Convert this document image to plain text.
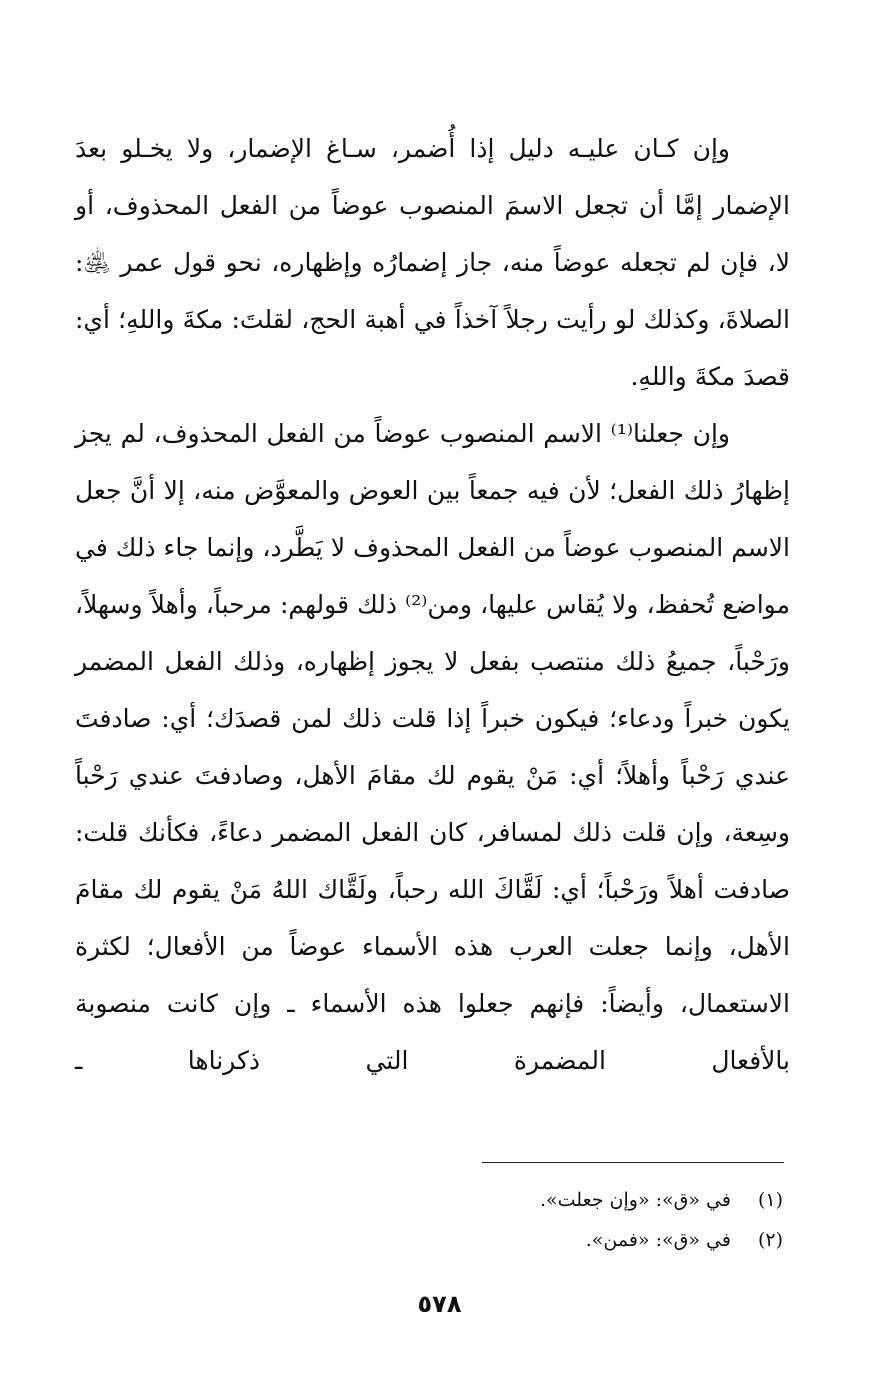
وإن كـان عليـه دليل إذا أُضمر، سـاغ الإضمار، ولا يخـلو بعدَ الإضمار إمَّا أن تجعل الاسمَ المنصوب عوضاً من الفعل المحذوف، أو لا، فإن لم تجعله عوضاً منه، جاز إضمارُه وإظهاره، نحو قول عمر ﵁: الصلاةَ، وكذلك لو رأيت رجلاً آخذاً في أهبة الحج، لقلتَ: مكةَ واللهِ؛ أي: قصدَ مكةَ واللهِ.

وإن جعلنا⁽¹⁾ الاسم المنصوب عوضاً من الفعل المحذوف، لم يجز إظهارُ ذلك الفعل؛ لأن فيه جمعاً بين العوض والمعوَّض منه، إلا أنَّ جعل الاسم المنصوب عوضاً من الفعل المحذوف لا يَطَّرد، وإنما جاء ذلك في مواضع تُحفظ، ولا يُقاس عليها، ومن⁽²⁾ ذلك قولهم: مرحباً، وأهلاً وسهلاً، ورَحْباً، جميعُ ذلك منتصب بفعل لا يجوز إظهاره، وذلك الفعل المضمر يكون خبراً ودعاء؛ فيكون خبراً إذا قلت ذلك لمن قصدَك؛ أي: صادفتَ عندي رَحْباً وأهلاً؛ أي: مَنْ يقوم لك مقامَ الأهل، وصادفتَ عندي رَحْباً وسِعة، وإن قلت ذلك لمسافر، كان الفعل المضمر دعاءً، فكأنك قلت: صادفت أهلاً ورَحْباً؛ أي: لَقَّاكَ الله رحباً، ولَقَّاك اللهُ مَنْ يقوم لك مقامَ الأهل، وإنما جعلت العرب هذه الأسماء عوضاً من الأفعال؛ لكثرة الاستعمال، وأيضاً: فإنهم جعلوا هذه الأسماء ـ وإن كانت منصوبة بالأفعال المضمرة التي ذكرناها ـ

(١) في «ق»: «وإن جعلت».
(٢) في «ق»: «فمن».
٥٧٨
